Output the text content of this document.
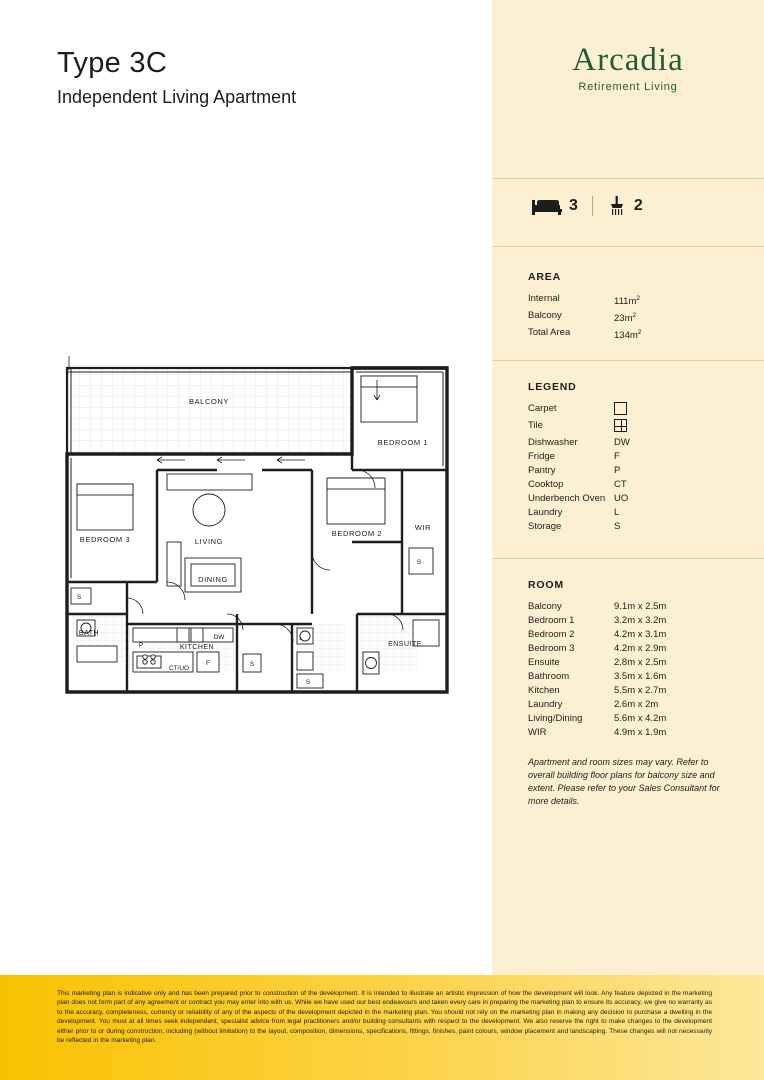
Type 3C
Independent Living Apartment
BALCONY
BEDROOM 1
BEDROOM 2
BEDROOM 3	LIVING
DINING
KITCHEN
WIR
ENSUITE
BATH
DW
CT/UO
F
P
L
S
S
S
S
Arcadia
Retirement Living
3	2
AREA
Internal	$111m^2$
Balcony	$23m^2$
Total Area	$134m^2$
LEGEND
Carpet
Tile
Dishwasher	DW
Fridge	F
Pantry	P
Cooktop	CT
Underbench Oven UO
Laundry	L
Storage	S
ROOM
Balcony	9.1m x 2.5m
Bedroom 1	3.2m x 3.2m
Bedroom 2	4.2m x 3.1m
Bedroom 3	4.2m x 2.9m
Ensuite	2.8m x 2.5m
Bathroom	3.5m x 1.6m
Kitchen	5.5m x 2.7m
Laundry	2.6m x 2m
Living/Dining	5.6m x 4.2m
WIR	4.9m x 1.9m
Apartment and room sizes may vary. Refer to overall building floor plans for balcony size and extent. Please refer to your Sales Consultant for more details.
This marketing plan is indicative only and has been prepared prior to construction of the development. It is intended to illustrate an artistic impression of how the development will look. Any feature depicted in the marketing plan does not form part of any agreement or contract you may enter into with us. While we have used our best endeavours and taken every care in preparing the marketing plan to ensure its accuracy, we give no warranty as to the accuracy, completeness, currency or reliability of any of the aspects of the development depicted in the marketing plan. You should not rely on the marketing plan in making any decision to purchase a dwelling in the development. You must at all times seek independent, specialist advice from legal practitioners and/or building consultants with respect to the development. We also reserve the right to make changes to the development either prior to or during construction, including (without limitation) to the layout, composition, dimensions, specifications, fittings, finishes, paint colours, window placement and landscaping. These changes will not necessarily be reflected in the marketing plan.
